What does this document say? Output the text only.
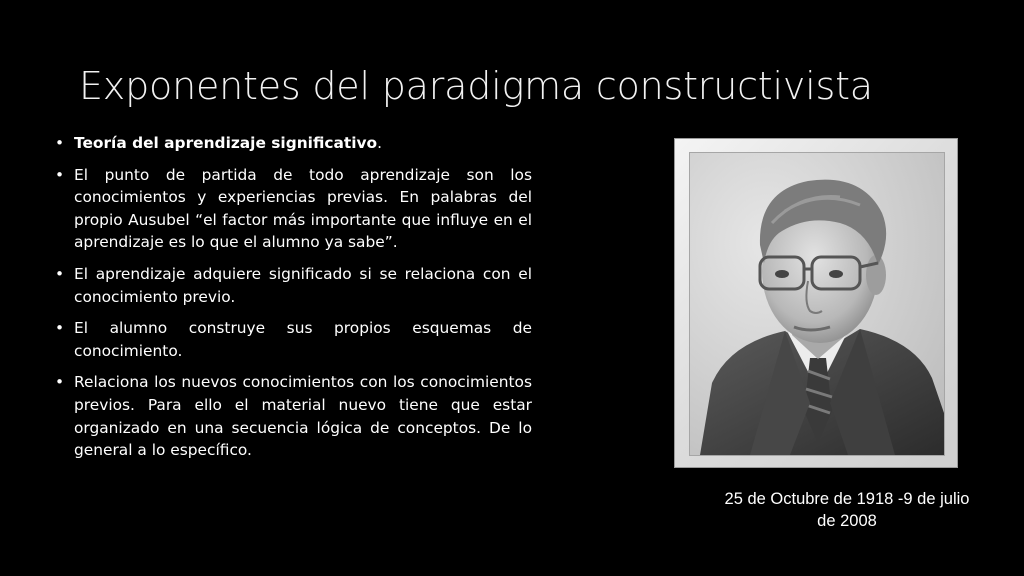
Exponentes del paradigma constructivista
• Teoría del aprendizaje significativo.
• El punto de partida de todo aprendizaje son los conocimientos y experiencias previas. En palabras del propio Ausubel “el factor más importante que influye en el aprendizaje es lo que el alumno ya sabe”.
• El aprendizaje adquiere significado si se relaciona con el conocimiento previo.
• El alumno construye sus propios esquemas de conocimiento.
• Relaciona los nuevos conocimientos con los conocimientos previos. Para ello el material nuevo tiene que estar organizado en una secuencia lógica de conceptos. De lo general a lo específico.
25 de Octubre de 1918 -9 de julio
de 2008
